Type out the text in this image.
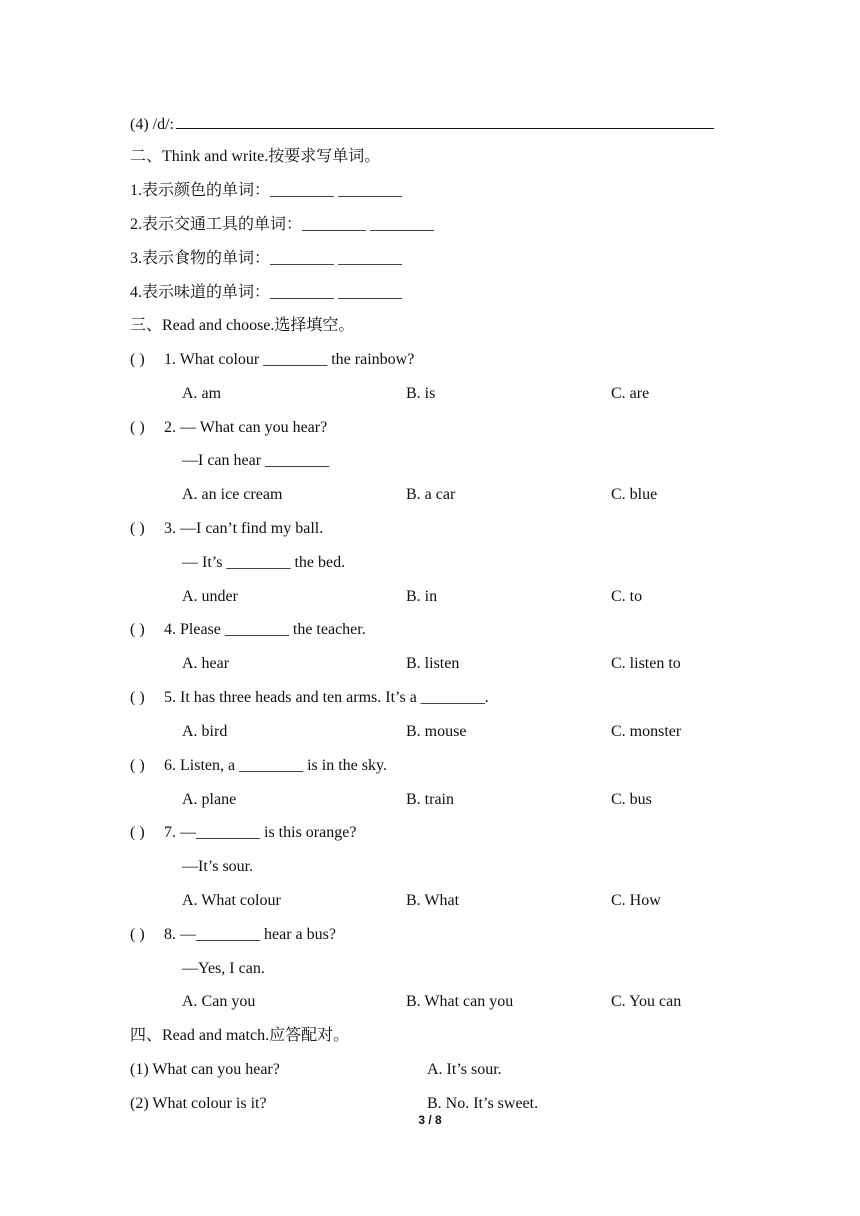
(4) /d/:
二、Think and write.按要求写单词。
1.表示颜色的单词：________ ________
2.表示交通工具的单词：________ ________
3.表示食物的单词：________ ________
4.表示味道的单词：________ ________
三、Read and choose.选择填空。
( ) 1. What colour ________ the rainbow?
A. am	B. is	C. are
( ) 2. — What can you hear?
—I can hear ________
A. an ice cream	B. a car	C. blue
( ) 3. —I can’t find my ball.
— It’s ________ the bed.
A. under	B. in	C. to
( ) 4. Please ________ the teacher.
A. hear	B. listen	C. listen to
( ) 5. It has three heads and ten arms. It’s a ________.
A. bird	B. mouse	C. monster
( ) 6. Listen, a ________ is in the sky.
A. plane	B. train	C. bus
( ) 7. —________ is this orange?
—It’s sour.
A. What colour	B. What	C. How
( ) 8. —________ hear a bus?
—Yes, I can.
A. Can you	B. What can you	C. You can
四、Read and match.应答配对。
(1) What can you hear?	A. It’s sour.
(2) What colour is it?	B. No. It’s sweet.
3 / 8
